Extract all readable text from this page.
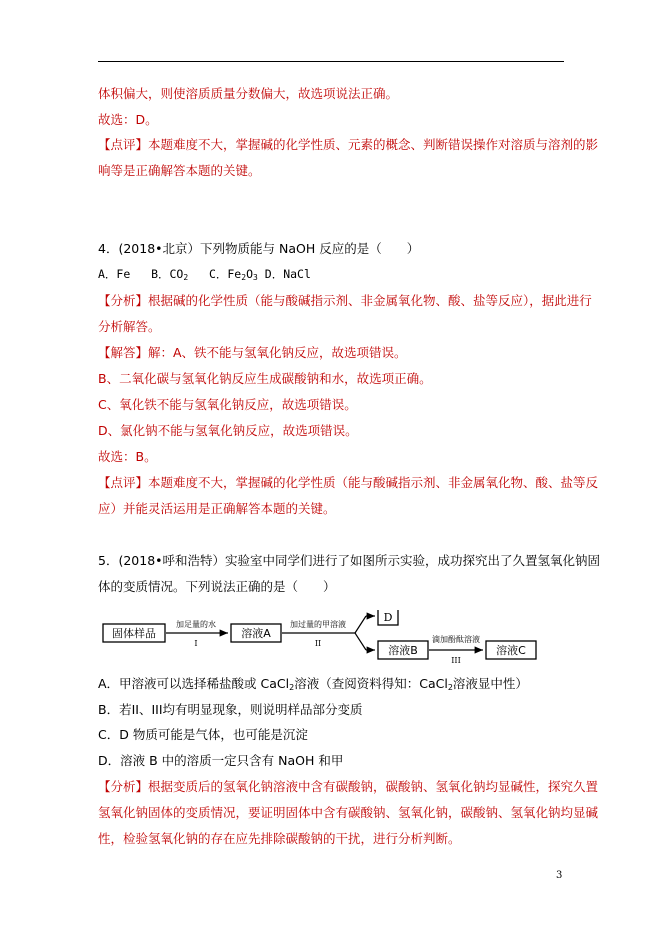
体积偏大，则使溶质质量分数偏大，故选项说法正确。
故选：D。
【点评】本题难度不大，掌握碱的化学性质、元素的概念、判断错误操作对溶质与溶剂的影
响等是正确解答本题的关键。
4．(2018•北京）下列物质能与 NaOH 反应的是（　　）
A．Fe B．$CO_2$ C．$Fe_2O_3$ D．NaCl
【分析】根据碱的化学性质（能与酸碱指示剂、非金属氧化物、酸、盐等反应），据此进行
分析解答。
【解答】解：A、铁不能与氢氧化钠反应，故选项错误。
B、二氧化碳与氢氧化钠反应生成碳酸钠和水，故选项正确。
C、氧化铁不能与氢氧化钠反应，故选项错误。
D、氯化钠不能与氢氧化钠反应，故选项错误。
故选：B。
【点评】本题难度不大，掌握碱的化学性质（能与酸碱指示剂、非金属氧化物、酸、盐等反
应）并能灵活运用是正确解答本题的关键。
5．(2018•呼和浩特）实验室中同学们进行了如图所示实验，成功探究出了久置氢氧化钠固
体的变质情况。下列说法正确的是（　　）
固体样品
加足量的水
I
溶液A
加过量的甲溶液
II
D
溶液B
滴加酚酞溶液
III
溶液C
A．甲溶液可以选择稀盐酸或 CaCl$_2$溶液（查阅资料得知：CaCl$_2$溶液显中性）
B．若II、III均有明显现象，则说明样品部分变质
C．D 物质可能是气体，也可能是沉淀
D．溶液 B 中的溶质一定只含有 NaOH 和甲
【分析】根据变质后的氢氧化钠溶液中含有碳酸钠，碳酸钠、氢氧化钠均显碱性，探究久置
氢氧化钠固体的变质情况，要证明固体中含有碳酸钠、氢氧化钠，碳酸钠、氢氧化钠均显碱
性，检验氢氧化钠的存在应先排除碳酸钠的干扰，进行分析判断。
3
